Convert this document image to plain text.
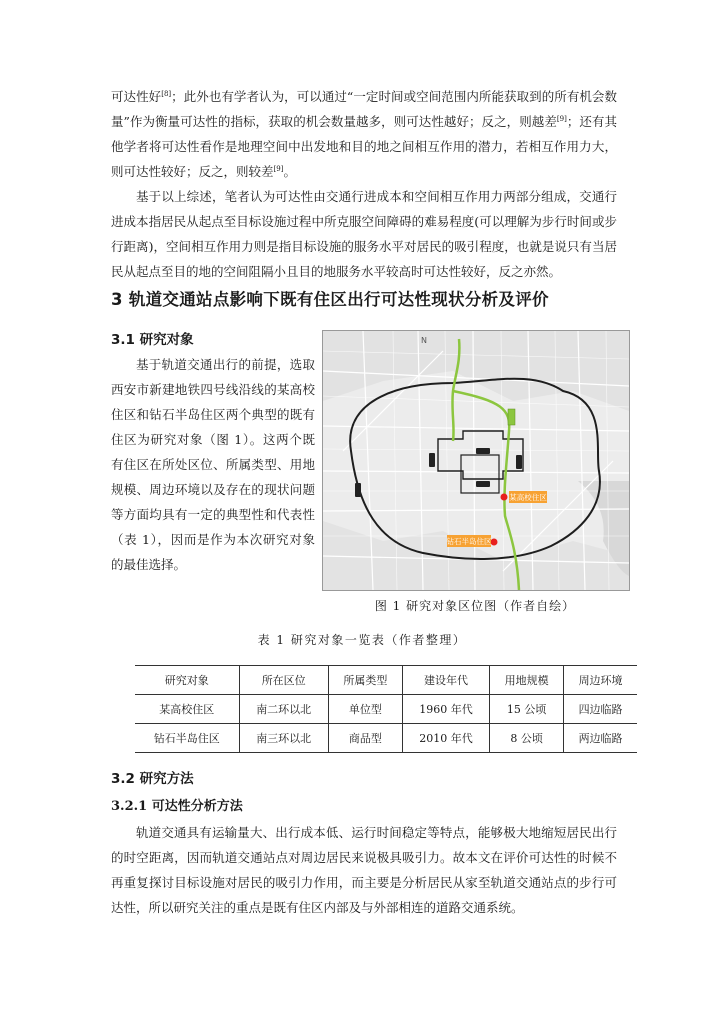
可达性好[8]；此外也有学者认为，可以通过“一定时间或空间范围内所能获取到的所有机会数量”作为衡量可达性的指标，获取的机会数量越多，则可达性越好；反之，则越差[9]；还有其他学者将可达性看作是地理空间中出发地和目的地之间相互作用的潜力，若相互作用力大，则可达性较好；反之，则较差[9]。

基于以上综述，笔者认为可达性由交通行进成本和空间相互作用力两部分组成，交通行进成本指居民从起点至目标设施过程中所克服空间障碍的难易程度(可以理解为步行时间或步行距离)，空间相互作用力则是指目标设施的服务水平对居民的吸引程度，也就是说只有当居民从起点至目的地的空间阻隔小且目的地服务水平较高时可达性较好，反之亦然。

3 轨道交通站点影响下既有住区出行可达性现状分析及评价
3.1 研究对象

基于轨道交通出行的前提，选取西安市新建地铁四号线沿线的某高校住区和钻石半岛住区两个典型的既有住区为研究对象（图 1）。这两个既有住区在所处区位、所属类型、用地规模、周边环境以及存在的现状问题等方面均具有一定的典型性和代表性（表 1），因而是作为本次研究对象的最佳选择。

某高校住区
钻石半岛住区
N

图 1 研究对象区位图（作者自绘）

表 1 研究对象一览表（作者整理）

研究对象	所在区位	所属类型	建设年代	用地规模	周边环境
某高校住区	南二环以北	单位型	1960 年代	15 公顷	四边临路
钻石半岛住区	南三环以北	商品型	2010 年代	8 公顷	两边临路
3.2 研究方法
3.2.1 可达性分析方法

轨道交通具有运输量大、出行成本低、运行时间稳定等特点，能够极大地缩短居民出行的时空距离，因而轨道交通站点对周边居民来说极具吸引力。故本文在评价可达性的时候不再重复探讨目标设施对居民的吸引力作用，而主要是分析居民从家至轨道交通站点的步行可达性，所以研究关注的重点是既有住区内部及与外部相连的道路交通系统。
